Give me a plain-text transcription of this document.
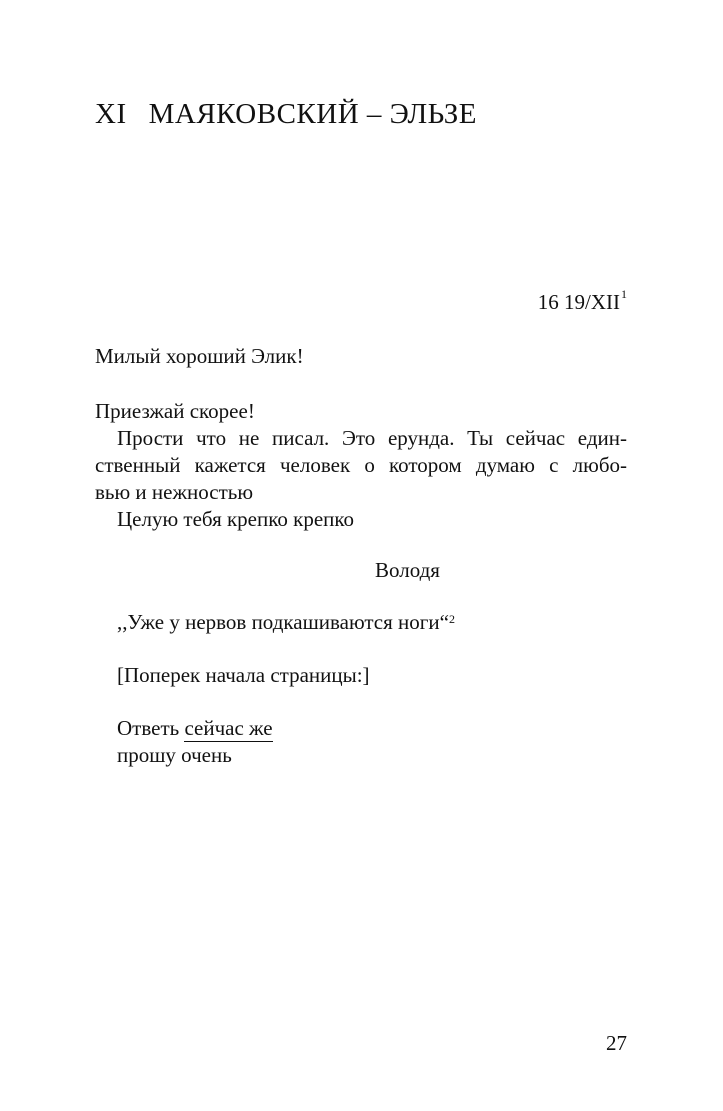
XI МАЯКОВСКИЙ – ЭЛЬЗЕ
16 19/XII$^1$
Милый хороший Элик!
Приезжай скорее!
Прости что не писал. Это ерунда. Ты сейчас един-
ственный кажется человек о котором думаю с любо-
вью и нежностью
Целую тебя крепко крепко
Володя
,,Уже у нервов подкашиваются ноги“$^2$
[Поперек начала страницы:]
Ответь сейчас же
прошу очень
27
